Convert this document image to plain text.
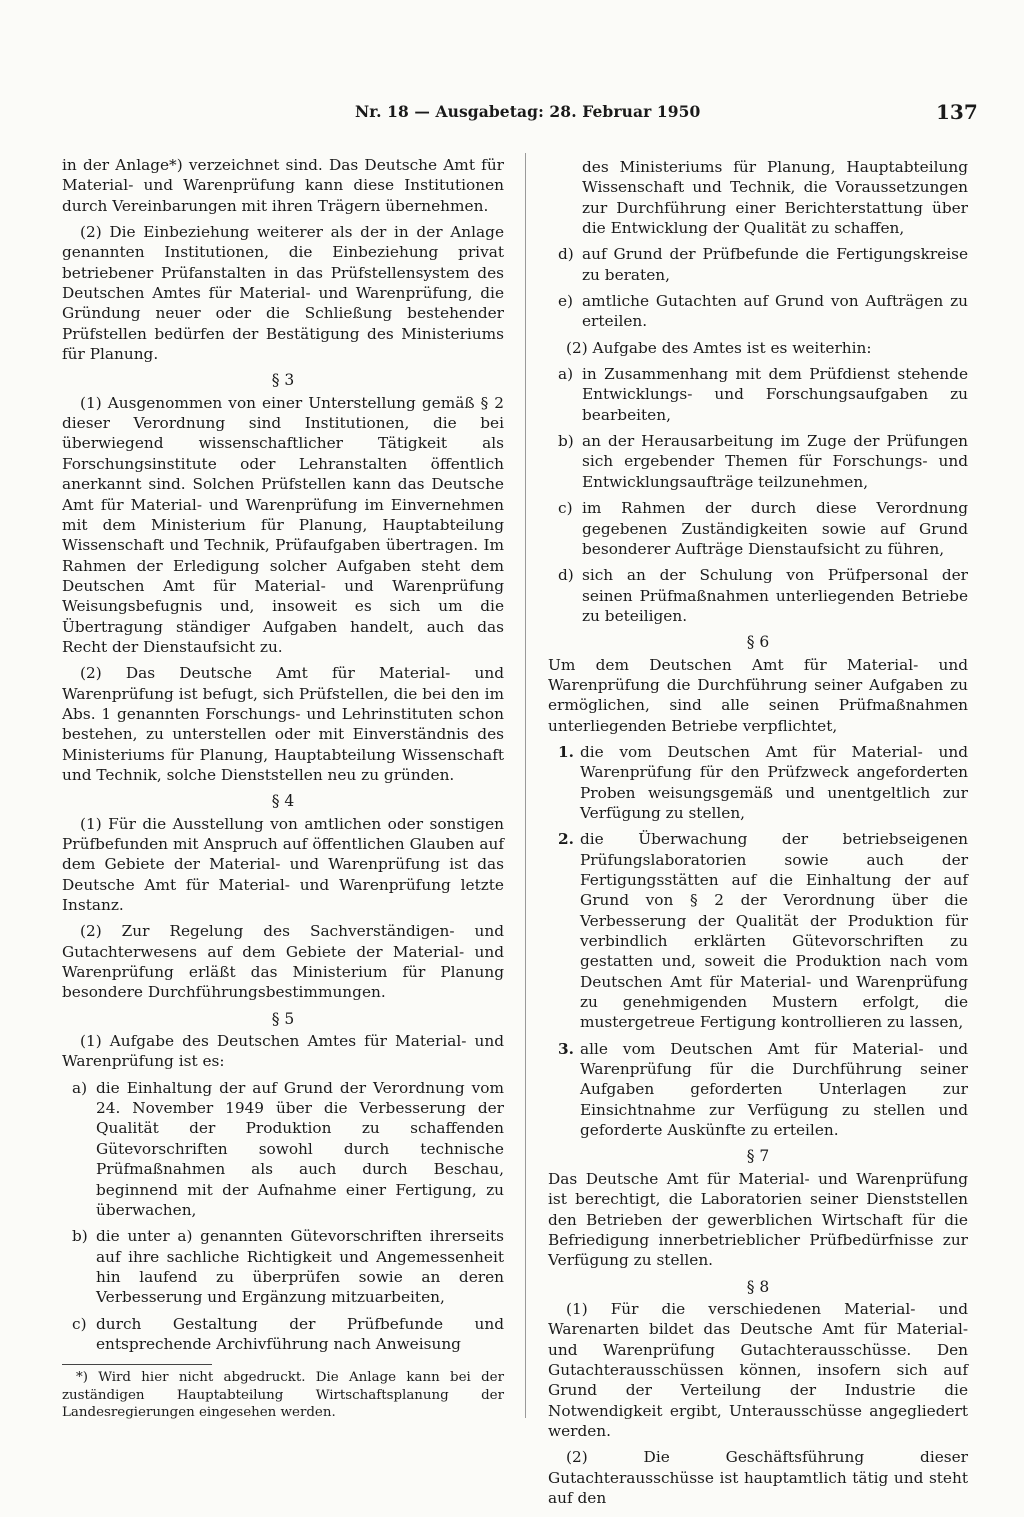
Nr. 18 — Ausgabetag: 28. Februar 1950	137

in der Anlage*) verzeichnet sind. Das Deutsche Amt für Material- und Warenprüfung kann diese Institutionen durch Vereinbarungen mit ihren Trägern übernehmen.

(2) Die Einbeziehung weiterer als der in der Anlage genannten Institutionen, die Einbeziehung privat betriebener Prüfanstalten in das Prüfstellensystem des Deutschen Amtes für Material- und Warenprüfung, die Gründung neuer oder die Schließung bestehender Prüfstellen bedürfen der Bestätigung des Ministeriums für Planung.

§ 3

(1) Ausgenommen von einer Unterstellung gemäß § 2 dieser Verordnung sind Institutionen, die bei überwiegend wissenschaftlicher Tätigkeit als Forschungsinstitute oder Lehranstalten öffentlich anerkannt sind. Solchen Prüfstellen kann das Deutsche Amt für Material- und Warenprüfung im Einvernehmen mit dem Ministerium für Planung, Hauptabteilung Wissenschaft und Technik, Prüfaufgaben übertragen. Im Rahmen der Erledigung solcher Aufgaben steht dem Deutschen Amt für Material- und Warenprüfung Weisungsbefugnis und, insoweit es sich um die Übertragung ständiger Aufgaben handelt, auch das Recht der Dienstaufsicht zu.

(2) Das Deutsche Amt für Material- und Warenprüfung ist befugt, sich Prüfstellen, die bei den im Abs. 1 genannten Forschungs- und Lehrinstituten schon bestehen, zu unterstellen oder mit Einverständnis des Ministeriums für Planung, Hauptabteilung Wissenschaft und Technik, solche Dienststellen neu zu gründen.

§ 4

(1) Für die Ausstellung von amtlichen oder sonstigen Prüfbefunden mit Anspruch auf öffentlichen Glauben auf dem Gebiete der Material- und Warenprüfung ist das Deutsche Amt für Material- und Warenprüfung letzte Instanz.

(2) Zur Regelung des Sachverständigen- und Gutachterwesens auf dem Gebiete der Material- und Warenprüfung erläßt das Ministerium für Planung besondere Durchführungsbestimmungen.

§ 5

(1) Aufgabe des Deutschen Amtes für Material- und Warenprüfung ist es:

a) die Einhaltung der auf Grund der Verordnung vom 24. November 1949 über die Verbesserung der Qualität der Produktion zu schaffenden Gütevorschriften sowohl durch technische Prüfmaßnahmen als auch durch Beschau, beginnend mit der Aufnahme einer Fertigung, zu überwachen,
b) die unter a) genannten Gütevorschriften ihrerseits auf ihre sachliche Richtigkeit und Angemessenheit hin laufend zu überprüfen sowie an deren Verbesserung und Ergänzung mitzuarbeiten,
c) durch Gestaltung der Prüfbefunde und entsprechende Archivführung nach Anweisung
*) Wird hier nicht abgedruckt. Die Anlage kann bei der zuständigen Hauptabteilung Wirtschaftsplanung der Landesregierungen eingesehen werden.
des Ministeriums für Planung, Hauptabteilung Wissenschaft und Technik, die Voraussetzungen zur Durchführung einer Berichterstattung über die Entwicklung der Qualität zu schaffen,
d) auf Grund der Prüfbefunde die Fertigungskreise zu beraten,
e) amtliche Gutachten auf Grund von Aufträgen zu erteilen.

(2) Aufgabe des Amtes ist es weiterhin:

a) in Zusammenhang mit dem Prüfdienst stehende Entwicklungs- und Forschungsaufgaben zu bearbeiten,
b) an der Herausarbeitung im Zuge der Prüfungen sich ergebender Themen für Forschungs- und Entwicklungsaufträge teilzunehmen,
c) im Rahmen der durch diese Verordnung gegebenen Zuständigkeiten sowie auf Grund besonderer Aufträge Dienstaufsicht zu führen,
d) sich an der Schulung von Prüfpersonal der seinen Prüfmaßnahmen unterliegenden Betriebe zu beteiligen.
§ 6

Um dem Deutschen Amt für Material- und Warenprüfung die Durchführung seiner Aufgaben zu ermöglichen, sind alle seinen Prüfmaßnahmen unterliegenden Betriebe verpflichtet,

1. die vom Deutschen Amt für Material- und Warenprüfung für den Prüfzweck angeforderten Proben weisungsgemäß und unentgeltlich zur Verfügung zu stellen,
2. die Überwachung der betriebseigenen Prüfungslaboratorien sowie auch der Fertigungsstätten auf die Einhaltung der auf Grund von § 2 der Verordnung über die Verbesserung der Qualität der Produktion für verbindlich erklärten Gütevorschriften zu gestatten und, soweit die Produktion nach vom Deutschen Amt für Material- und Warenprüfung zu genehmigenden Mustern erfolgt, die mustergetreue Fertigung kontrollieren zu lassen,
3. alle vom Deutschen Amt für Material- und Warenprüfung für die Durchführung seiner Aufgaben geforderten Unterlagen zur Einsichtnahme zur Verfügung zu stellen und geforderte Auskünfte zu erteilen.
§ 7

Das Deutsche Amt für Material- und Warenprüfung ist berechtigt, die Laboratorien seiner Dienststellen den Betrieben der gewerblichen Wirtschaft für die Befriedigung innerbetrieblicher Prüfbedürfnisse zur Verfügung zu stellen.

§ 8

(1) Für die verschiedenen Material- und Warenarten bildet das Deutsche Amt für Material- und Warenprüfung Gutachterausschüsse. Den Gutachterausschüssen können, insofern sich auf Grund der Verteilung der Industrie die Notwendigkeit ergibt, Unterausschüsse angegliedert werden.

(2) Die Geschäftsführung dieser Gutachterausschüsse ist hauptamtlich tätig und steht auf den
